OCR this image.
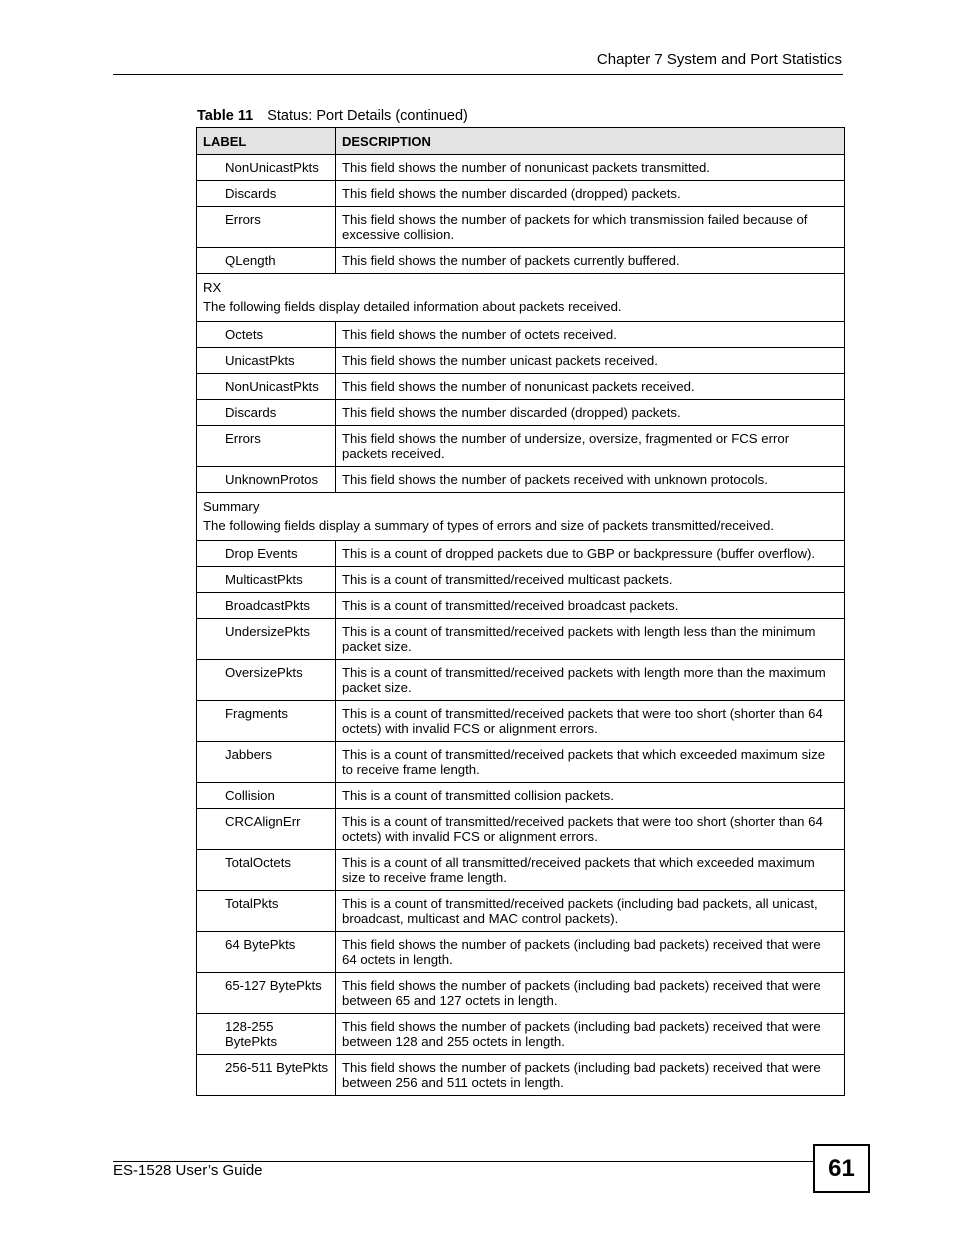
Chapter 7 System and Port Statistics
Table 11 Status: Port Details (continued)
LABEL	DESCRIPTION
NonUnicastPkts	This field shows the number of nonunicast packets transmitted.
Discards	This field shows the number discarded (dropped) packets.
Errors	This field shows the number of packets for which transmission failed because of excessive collision.
QLength	This field shows the number of packets currently buffered.

RX
The following fields display detailed information about packets received.	

Octets	This field shows the number of octets received.
UnicastPkts	This field shows the number unicast packets received.
NonUnicastPkts	This field shows the number of nonunicast packets received.
Discards	This field shows the number discarded (dropped) packets.
Errors	This field shows the number of undersize, oversize, fragmented or FCS error packets received.
UnknownProtos	This field shows the number of packets received with unknown protocols.

Summary
The following fields display a summary of types of errors and size of packets transmitted/received.	

Drop Events	This is a count of dropped packets due to GBP or backpressure (buffer overflow).
MulticastPkts	This is a count of transmitted/received multicast packets.
BroadcastPkts	This is a count of transmitted/received broadcast packets.
UndersizePkts	This is a count of transmitted/received packets with length less than the minimum packet size.
OversizePkts	This is a count of transmitted/received packets with length more than the maximum packet size.
Fragments	This is a count of transmitted/received packets that were too short (shorter than 64 octets) with invalid FCS or alignment errors.
Jabbers	This is a count of transmitted/received packets that which exceeded maximum size to receive frame length.
Collision	This is a count of transmitted collision packets.
CRCAlignErr	This is a count of transmitted/received packets that were too short (shorter than 64 octets) with invalid FCS or alignment errors.
TotalOctets	This is a count of all transmitted/received packets that which exceeded maximum size to receive frame length.
TotalPkts	This is a count of transmitted/received packets (including bad packets, all unicast, broadcast, multicast and MAC control packets).
64 BytePkts	This field shows the number of packets (including bad packets) received that were 64 octets in length.
65-127 BytePkts	This field shows the number of packets (including bad packets) received that were between 65 and 127 octets in length.
128-255 BytePkts	This field shows the number of packets (including bad packets) received that were between 128 and 255 octets in length.
256-511 BytePkts	This field shows the number of packets (including bad packets) received that were between 256 and 511 octets in length.
ES-1528 User’s Guide	61
